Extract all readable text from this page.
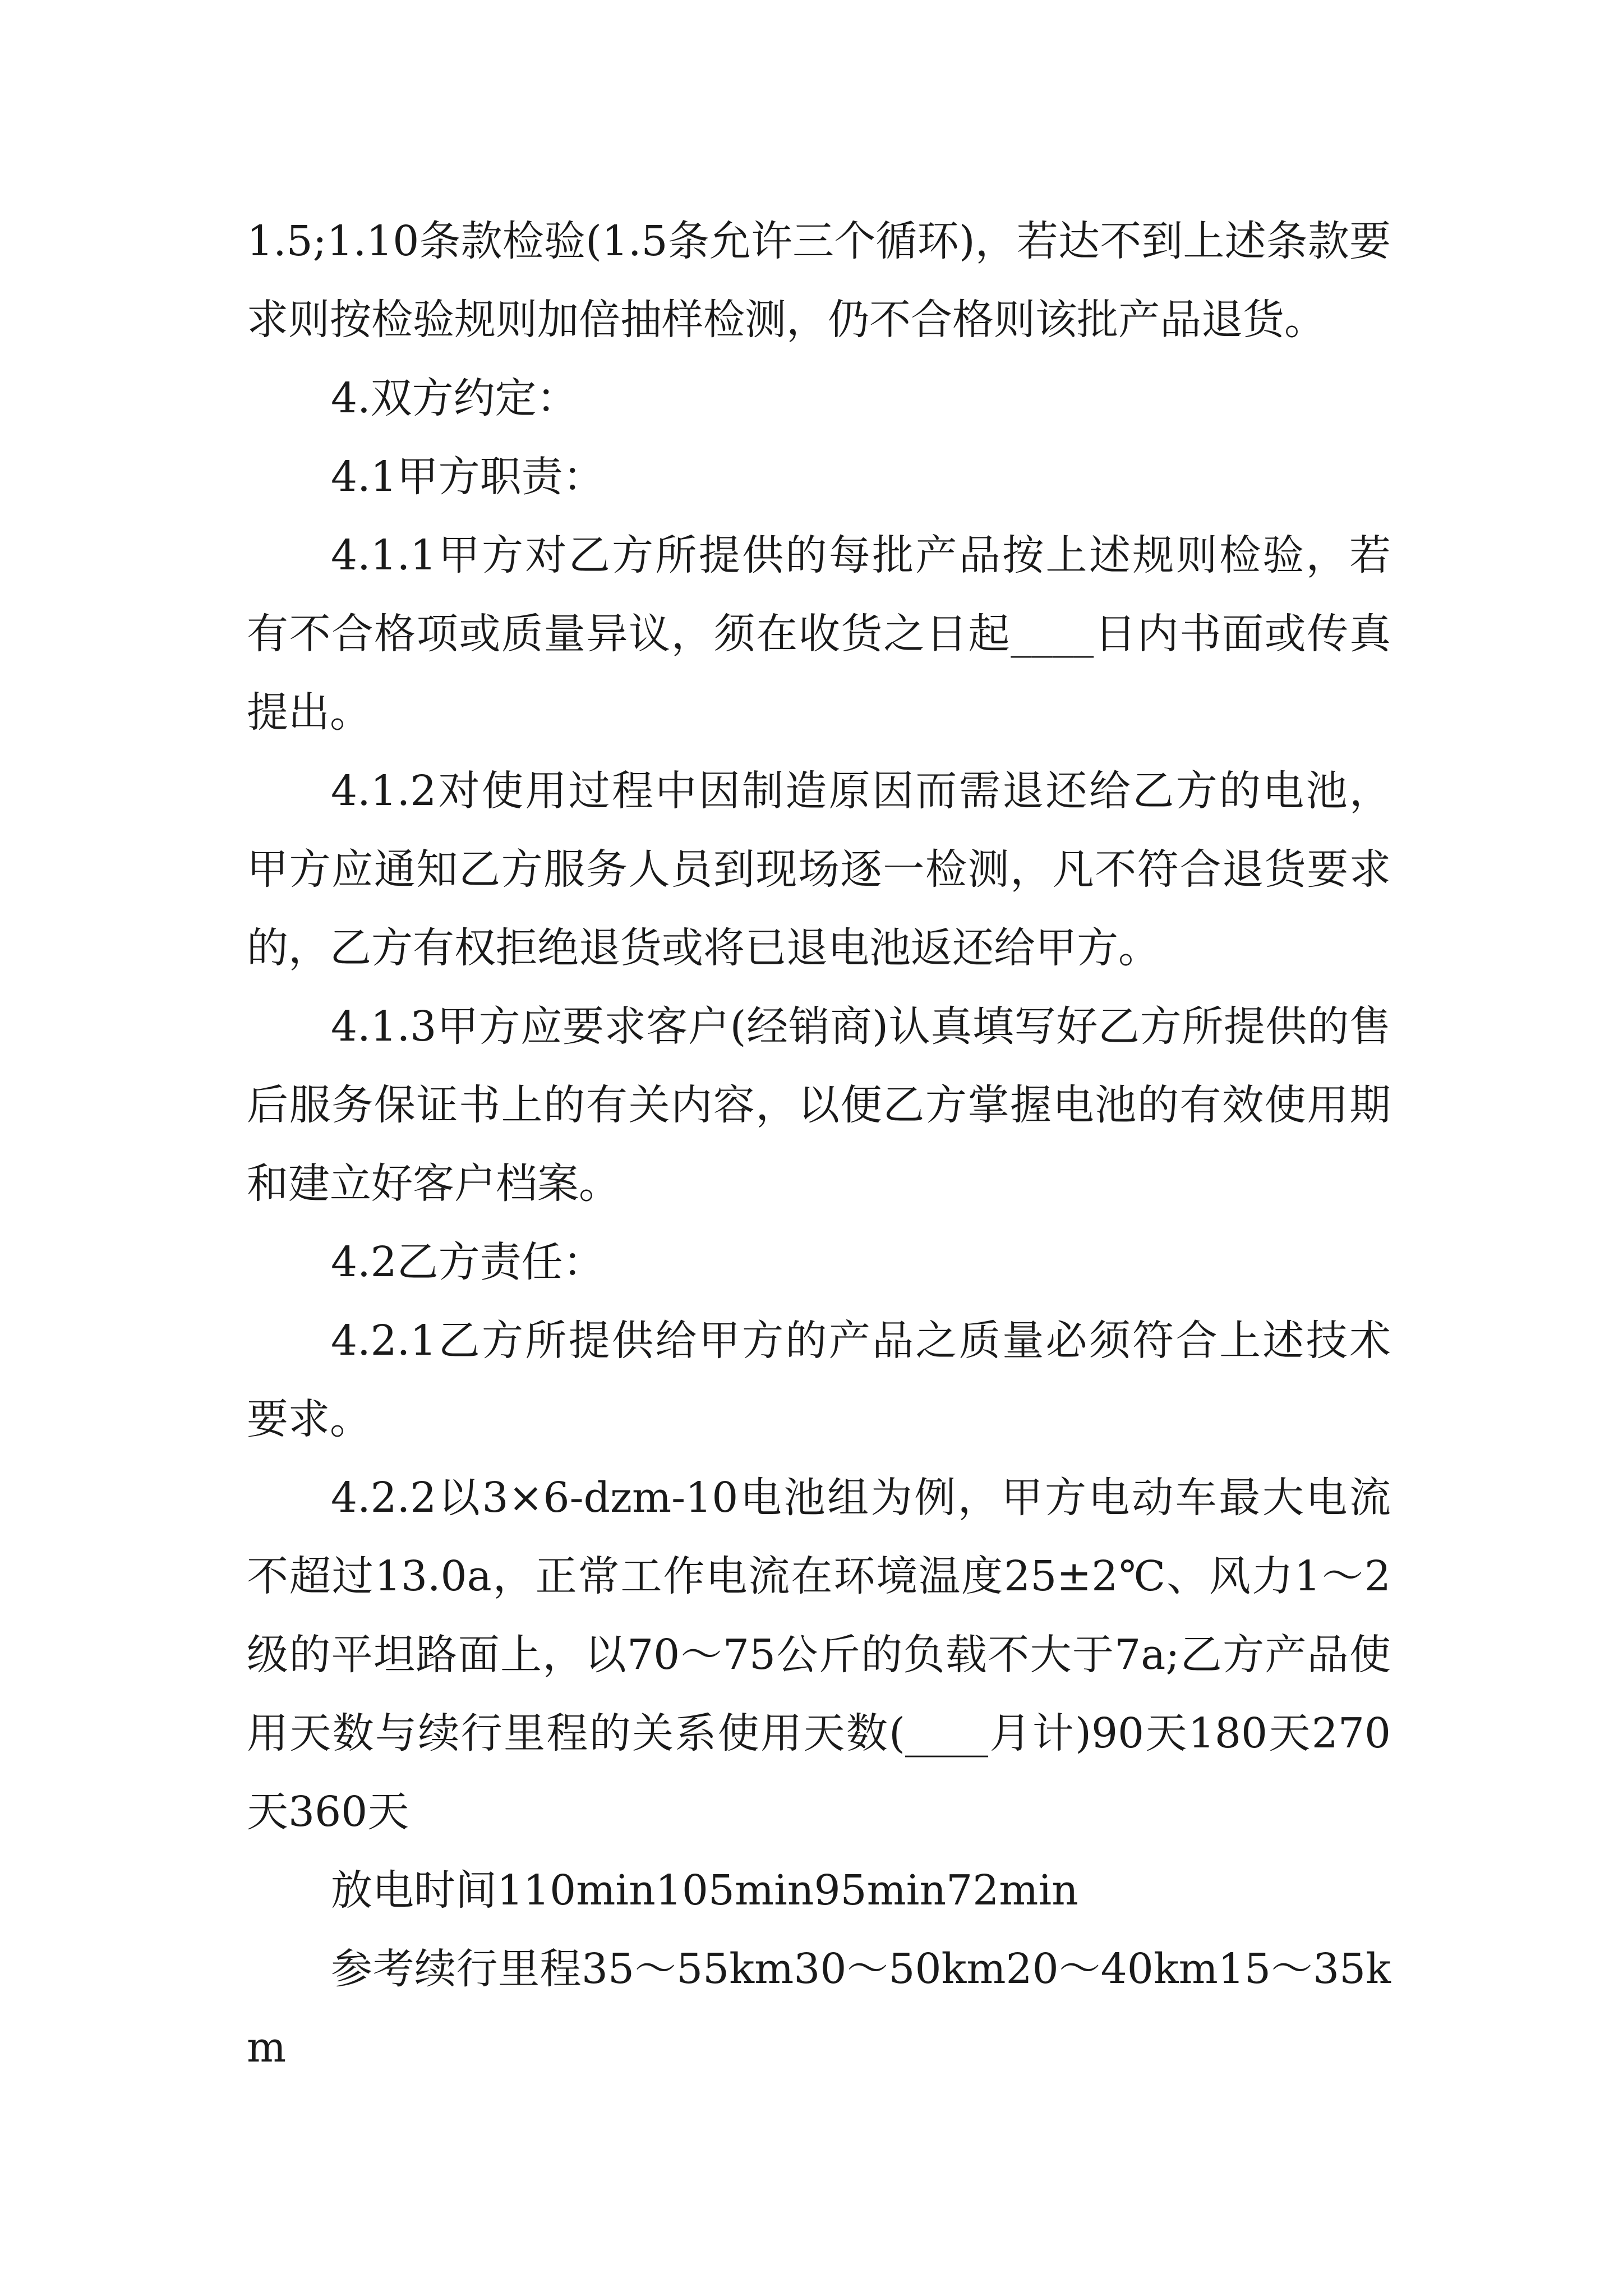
1.5;1.10条款检验(1.5条允许三个循环)，若达不到上述条款要求则按检验规则加倍抽样检测，仍不合格则该批产品退货。

4.双方约定：

4.1甲方职责：

4.1.1甲方对乙方所提供的每批产品按上述规则检验，若有不合格项或质量异议，须在收货之日起____日内书面或传真提出。

4.1.2对使用过程中因制造原因而需退还给乙方的电池，甲方应通知乙方服务人员到现场逐一检测，凡不符合退货要求的，乙方有权拒绝退货或将已退电池返还给甲方。

4.1.3甲方应要求客户(经销商)认真填写好乙方所提供的售后服务保证书上的有关内容，以便乙方掌握电池的有效使用期和建立好客户档案。

4.2乙方责任：

4.2.1乙方所提供给甲方的产品之质量必须符合上述技术要求。

4.2.2以3×6-dzm-10电池组为例，甲方电动车最大电流不超过13.0a，正常工作电流在环境温度25±2℃、风力1～2级的平坦路面上，以70～75公斤的负载不大于7a;乙方产品使用天数与续行里程的关系使用天数(____月计)90天180天270天360天

放电时间110min105min95min72min

参考续行里程35～55km30～50km20～40km15～35km
